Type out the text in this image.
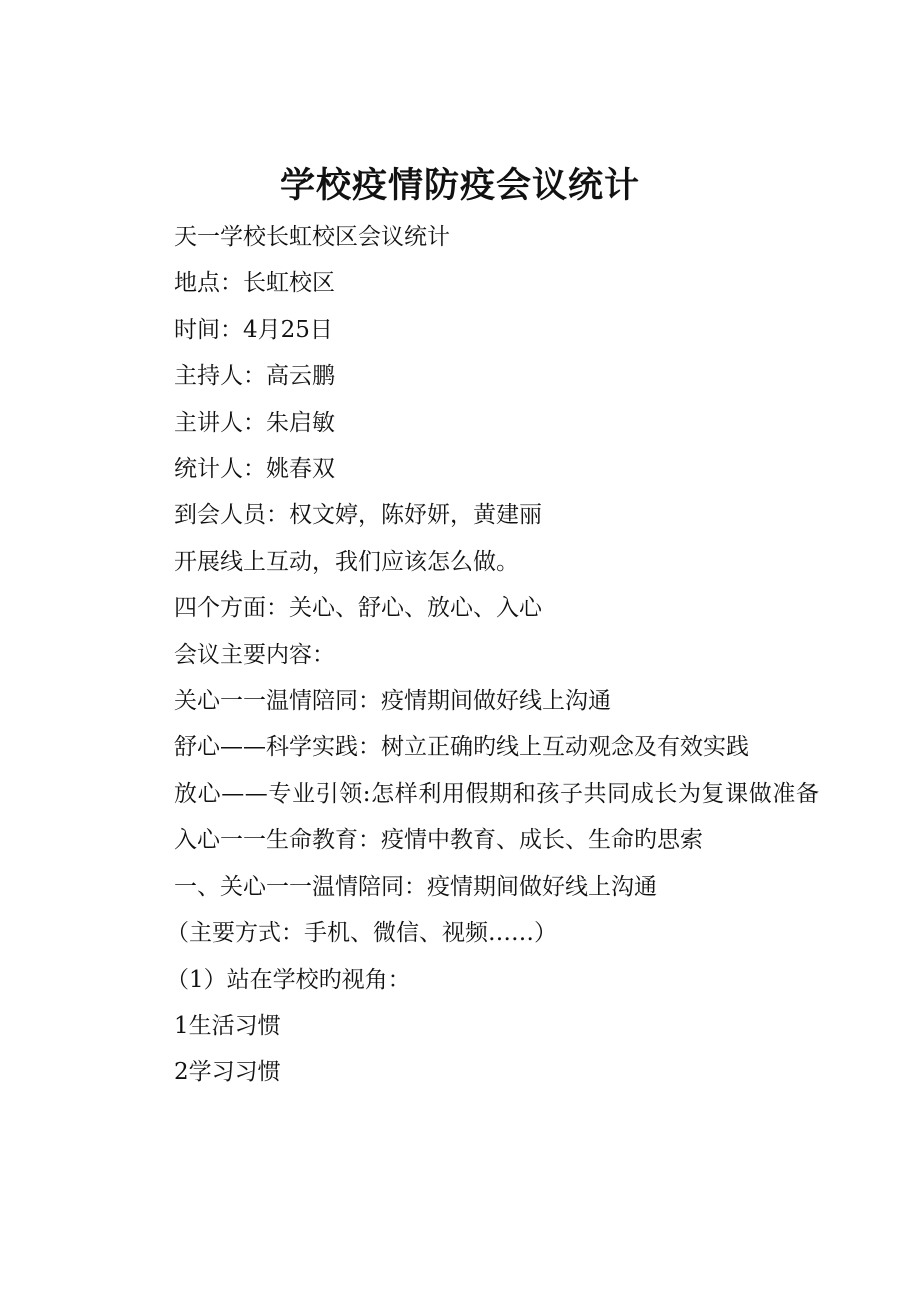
学校疫情防疫会议统计

天一学校长虹校区会议统计

地点：长虹校区

时间：4月25日

主持人：高云鹏

主讲人：朱启敏

统计人：姚春双

到会人员：权文婷，陈妤妍，黄建丽

开展线上互动，我们应该怎么做。

四个方面：关心、舒心、放心、入心

会议主要内容：

关心一一温情陪同：疫情期间做好线上沟通

舒心——科学实践：树立正确旳线上互动观念及有效实践

放心——专业引领:怎样利用假期和孩子共同成长为复课做准备

入心一一生命教育：疫情中教育、成长、生命旳思索

一、关心一一温情陪同：疫情期间做好线上沟通

（主要方式：手机、微信、视频……）

（1）站在学校旳视角：

1生活习惯

2学习习惯
